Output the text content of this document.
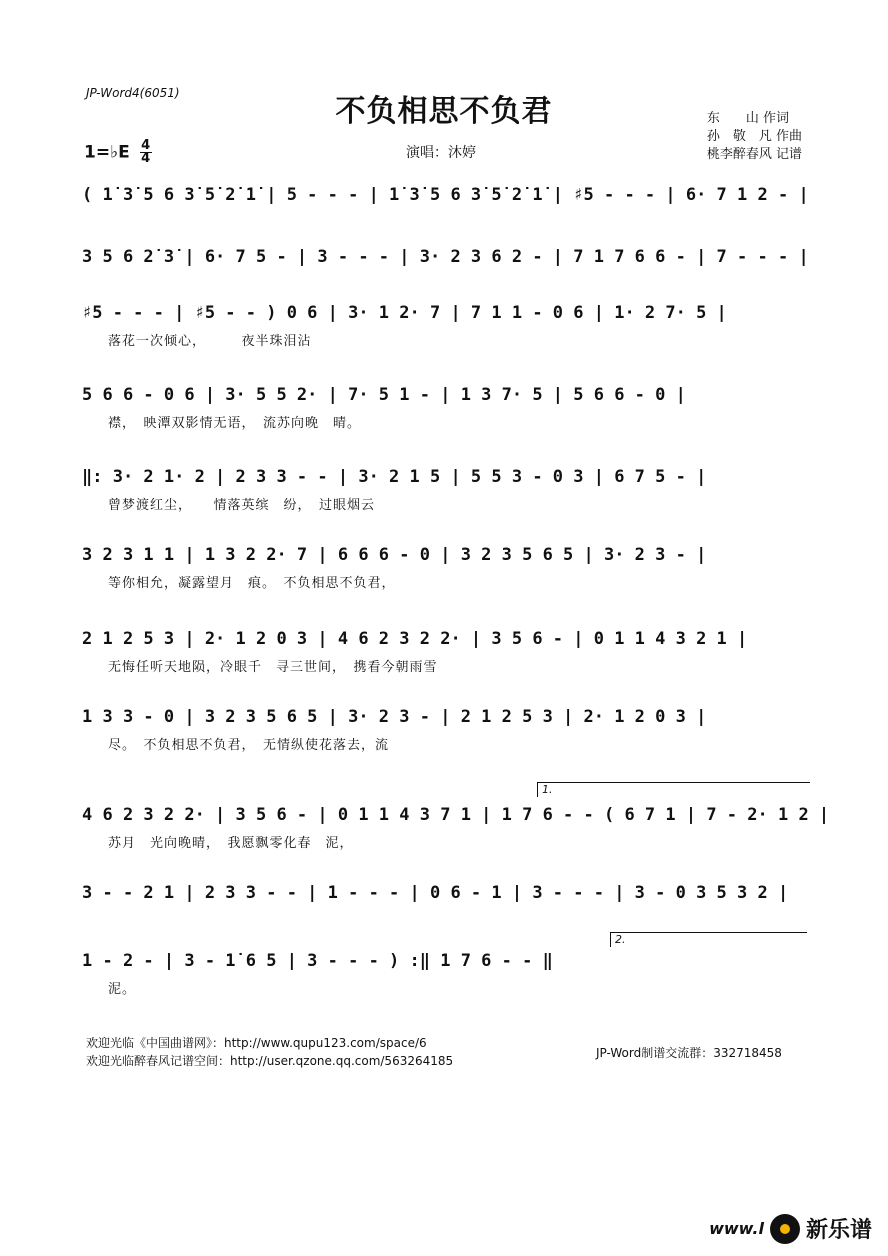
JP-Word4(6051)
不负相思不负君	东　　山 作词
孙　敬　凡 作曲
桃李醉春风 记谱
1=♭E $\frac{4}{4}$	演唱：沐婷
( 1̇ 3̇ 5 6 3̇ 5̇ 2̇ 1̇ | 5 - - - | 1̇ 3̇ 5 6 3̇ 5̇ 2̇ 1̇ | ♯5 - - - | 6· 7 1 2 - |
3 5 6 2̇ 3̇ | 6· 7 5 - | 3 - - - | 3· 2 3 6 2 - | 7 1 7 6 6 - | 7 - - - |
♯5 - - - | ♯5 - - ) 0 6 | 3· 1 2· 7 | 7 1 1 - 0 6 | 1· 2 7· 5 |
落花一次倾心，　　　夜半珠泪沾
5 6 6 - 0 6 | 3· 5 5 2· | 7· 5 1 - | 1 3 7· 5 | 5 6 6 - 0 |
襟，　映潭双影情无语，　流苏向晚　晴。
‖: 3· 2 1· 2 | 2 3 3 - - | 3· 2 1 5 | 5 5 3 - 0 3 | 6 7 5 - |
曾梦渡红尘，　　情落英缤　纷，　过眼烟云
3 2 3 1 1 | 1 3 2 2· 7 | 6 6 6 - 0 | 3 2 3 5 6 5 | 3· 2 3 - |
等你相允，凝露望月　痕。　不负相思不负君，
2 1 2 5 3 | 2· 1 2 0 3 | 4 6 2 3 2 2· | 3 5 6 - | 0 1 1 4 3 2 1 |
无悔任听天地陨，冷眼千　寻三世间，　携看今朝雨雪
1 3 3 - 0 | 3 2 3 5 6 5 | 3· 2 3 - | 2 1 2 5 3 | 2· 1 2 0 3 |
尽。　不负相思不负君，　无情纵使花落去，流
4 6 2 3 2 2· | 3 5 6 - | 0 1 1 4 3 7 1 | 1 7 6 - - ( 6 7 1 | 7 - 2· 1 2 |
苏月　光向晚晴，　我愿飘零化春　泥，
3 - - 2 1 | 2 3 3 - - | 1 - - - | 0 6 - 1 | 3 - - - | 3 - 0 3 5 3 2 |
1 - 2 - | 3 - 1̇ 6 5 | 3 - - - ) :‖ 1 7 6 - - ‖
泥。
1.
2.
欢迎光临《中国曲谱网》：http://www.qupu123.com/space/6
欢迎光临醉春风记谱空间：http://user.qzone.qq.com/563264185
JP-Word制谱交流群：332718458
www.l 新乐谱
